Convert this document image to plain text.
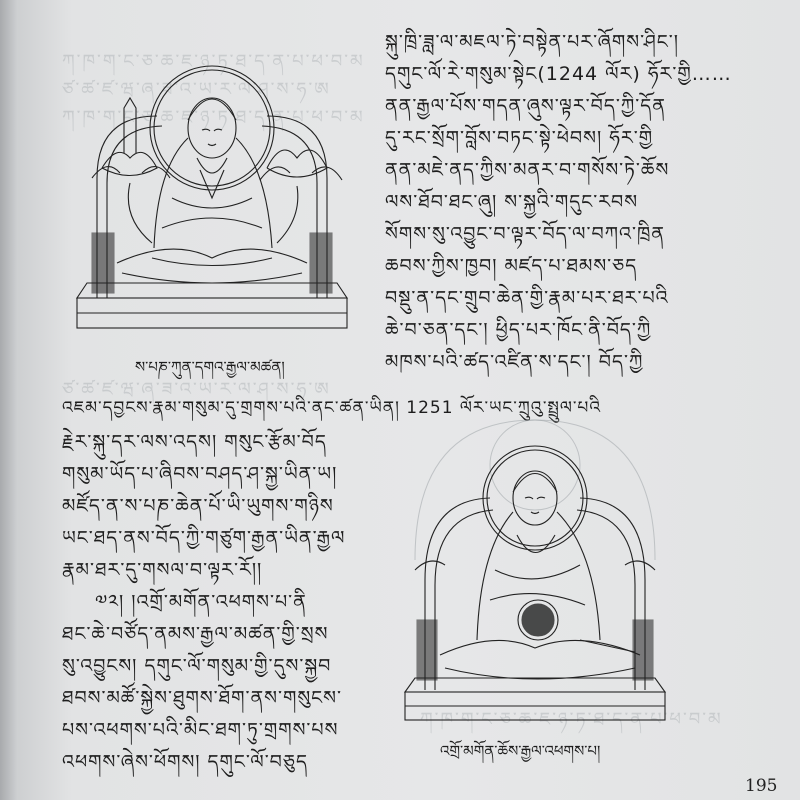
ཀ་ཁ་ག་ང་ཅ་ཆ་ཇ་ཉ་ཏ་ཐ་ད་ན་པ་ཕ་བ་མ
ཙ་ཚ་ཛ་ཝ་ཞ་ཟ་འ་ཡ་ར་ལ་ཤ་ས་ཧ་ཨ
ཀ་ཁ་ག་ང་ཅ་ཆ་ཇ་ཉ་ཏ་ཐ་ད་ན་པ་ཕ་བ་མ
ཙ་ཚ་ཛ་ཝ་ཞ་ཟ་འ་ཡ་ར་ལ་ཤ་ས་ཧ་ཨ
ཀ་ཁ་ག་ང་ཅ་ཆ་ཇ་ཉ་ཏ་ཐ་ད་ན་པ་ཕ་བ་མ
ས་པཎ་ཀུན་དགའ་རྒྱལ་མཚན།
སྐུ་ཁྲི་ཟླ་ལ་མཇལ་ཏེ་བསྟེན་པར་ཞོགས་ཤིང་།
དགུང་ལོ་རེ་གསུམ་སྟེང(1244 ལོར) ཧོར་གྱི……
ནན་རྒྱལ་པོས་གདན་ཞུས་ལྟར་བོད་ཀྱི་དོན
དུ་རང་སྲོག་བློས་བཏང་སྟེ་ཕེབས། ཧོར་གྱི
ནན་མཇེ་ནད་ཀྱིས་མནར་བ་གསོས་ཏེ་ཆོས
ལས་ཐོབ་ཐང་ཞུ། ས་སྐྱའི་གདུང་རབས
སོགས་སུ་འབྱུང་བ་ལྟར་བོད་ལ་བཀའ་ཁྲིན
ཆབས་ཀྱིས་ཁྱབ། མཛད་པ་ཐམས་ཅད
བསྡུ་ན་དང་གྲུབ་ཆེན་གྱི་རྣམ་པར་ཐར་པའི
ཆེ་བ་ཅན་དང་། ཕྱིད་པར་ཁོང་ནི་བོད་ཀྱི
མཁས་པའི་ཚད་འཛིན་ས་དང་། བོད་ཀྱི
འཇམ་དབྱངས་རྣམ་གསུམ་དུ་གྲགས་པའི་ནང་ཚན་ཡིན། 1251 ལོར་ཡང་ཀྲུའུ་སྤྲུལ་པའི
རྗེར་སྐུ་དར་ལས་འདས། གསུང་རྩོམ་བོད
གསུམ་ཡོད་པ་ཞིབས་བཤད་ཤ་སྐྱ་ཡིན་ཡ།
མཛོད་ན་ས་པཎ་ཆེན་པོ་ཡི་ཡུགས་གཉིས
ཡང་ཐད་ནས་བོད་ཀྱི་གཙུག་རྒྱན་ཡིན་རྒྱལ
རྣམ་ཐར་དུ་གསལ་བ་ལྟར་རོ།།
༧༢། །འགྲོ་མགོན་འཕགས་པ་ནི
ཐང་ཆེ་བཙོད་ནམས་རྒྱལ་མཚན་གྱི་སྲས
སུ་འབྱུངས། དགུང་ལོ་གསུམ་གྱི་དུས་སྐྱབ
ཐབས་མཚོ་སྐྱེས་ཐུགས་ཐོག་ནས་གསུངས་
པས་འཕགས་པའི་མིང་ཐག་ཏུ་གྲགས་པས
འཕགས་ཞེས་ཕོགས། དགུང་ལོ་བཅུད	འགྲོ་མགོན་ཆོས་རྒྱལ་འཕགས་པ།
195
